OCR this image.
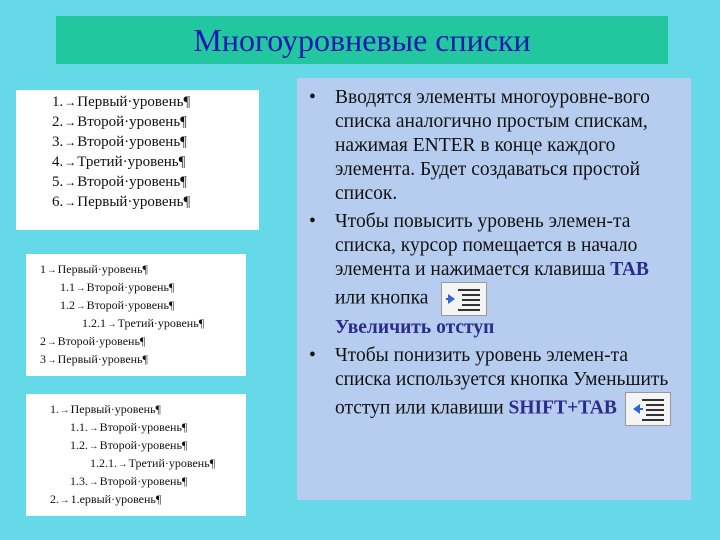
Многоуровневые списки
1.→Первый·уровень¶
2.→Второй·уровень¶
3.→Второй·уровень¶
4.→Третий·уровень¶
5.→Второй·уровень¶
6.→Первый·уровень¶
1→Первый·уровень¶
1.1→Второй·уровень¶
1.2→Второй·уровень¶
1.2.1→Третий·уровень¶
2→Второй·уровень¶
3→Первый·уровень¶
1.→Первый·уровень¶
1.1.→Второй·уровень¶
1.2.→Второй·уровень¶
1.2.1.→Третий·уровень¶
1.3.→Второй·уровень¶
2.→1.ервый·уровень¶
• Вводятся элементы многоуровне-вого списка аналогично простым спискам, нажимая ENTER в конце каждого элемента. Будет создаваться простой список.
• Чтобы повысить уровень элемен-та списка, курсор помещается в начало элемента и нажимается клавиша TAB или кнопка
Увеличить отступ
• Чтобы понизить уровень элемен-та списка используется кнопка Уменьшить отступ или клавиши SHIFT+TAB
